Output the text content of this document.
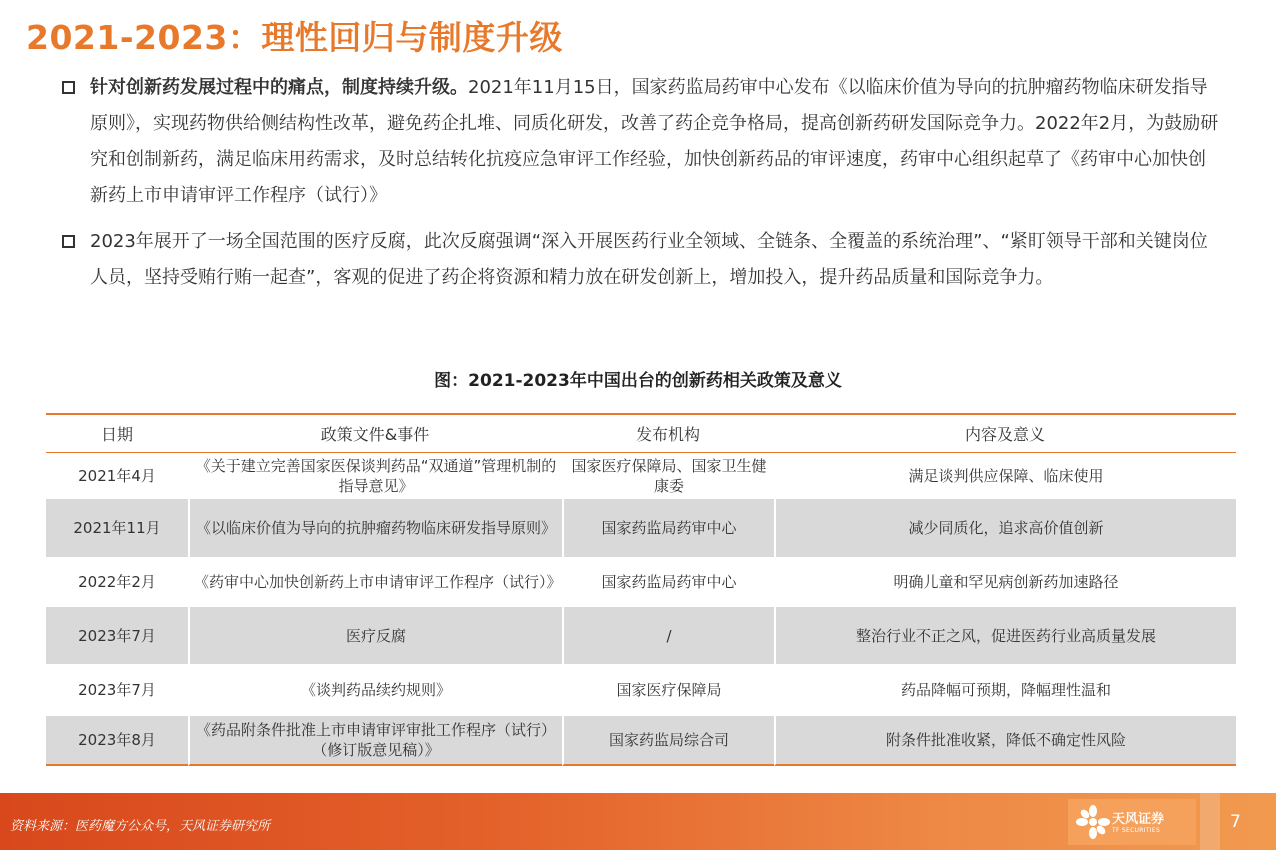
2021-2023：理性回归与制度升级
针对创新药发展过程中的痛点，制度持续升级。2021年11月15日，国家药监局药审中心发布《以临床价值为导向的抗肿瘤药物临床研发指导原则》，实现药物供给侧结构性改革，避免药企扎堆、同质化研发，改善了药企竞争格局，提高创新药研发国际竞争力。2022年2月，为鼓励研究和创制新药，满足临床用药需求，及时总结转化抗疫应急审评工作经验，加快创新药品的审评速度，药审中心组织起草了《药审中心加快创新药上市申请审评工作程序（试行）》
2023年展开了一场全国范围的医疗反腐，此次反腐强调“深入开展医药行业全领域、全链条、全覆盖的系统治理”、“紧盯领导干部和关键岗位人员，坚持受贿行贿一起查”，客观的促进了药企将资源和精力放在研发创新上，增加投入，提升药品质量和国际竞争力。
图：2021-2023年中国出台的创新药相关政策及意义
日期	政策文件&事件	发布机构	内容及意义
2021年4月	《关于建立完善国家医保谈判药品“双通道”管理机制的指导意见》	国家医疗保障局、国家卫生健康委	满足谈判供应保障、临床使用
2021年11月	《以临床价值为导向的抗肿瘤药物临床研发指导原则》	国家药监局药审中心	减少同质化，追求高价值创新
2022年2月	《药审中心加快创新药上市申请审评工作程序（试行）》	国家药监局药审中心	明确儿童和罕见病创新药加速路径
2023年7月	医疗反腐	/	整治行业不正之风，促进医药行业高质量发展
2023年7月	《谈判药品续约规则》	国家医疗保障局	药品降幅可预期，降幅理性温和
2023年8月	《药品附条件批准上市申请审评审批工作程序（试行）（修订版意见稿）》	国家药监局综合司	附条件批准收紧，降低不确定性风险
资料来源：医药魔方公众号，天风证券研究所	天风证券
TF SECURITIES	7
